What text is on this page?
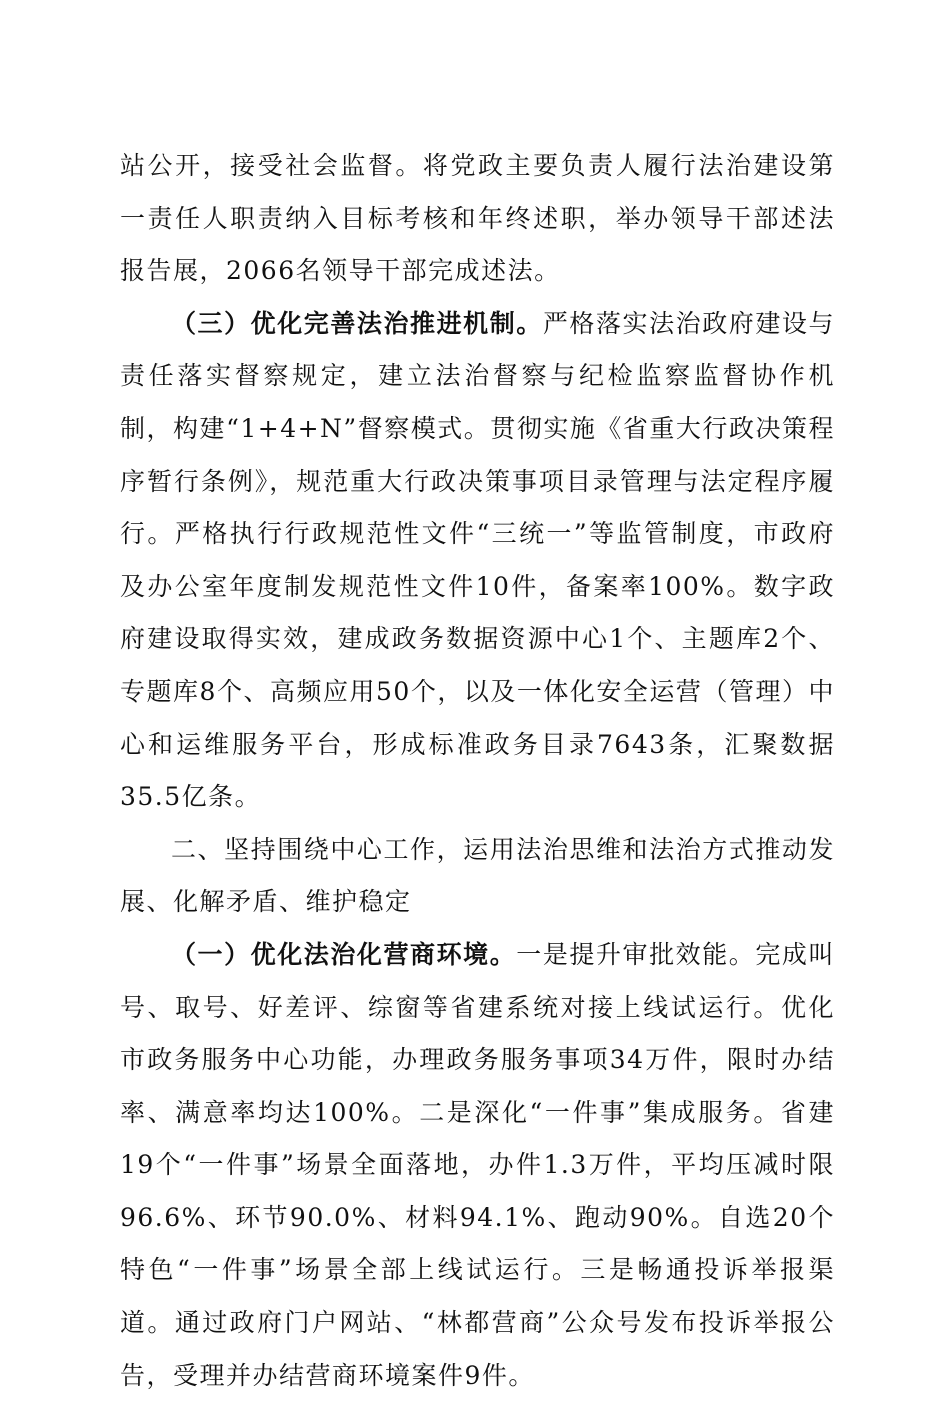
站公开，接受社会监督。将党政主要负责人履行法治建设第一责任人职责纳入目标考核和年终述职，举办领导干部述法报告展，2066名领导干部完成述法。

（三）优化完善法治推进机制。严格落实法治政府建设与责任落实督察规定，建立法治督察与纪检监察监督协作机制，构建“1+4+N”督察模式。贯彻实施《省重大行政决策程序暂行条例》，规范重大行政决策事项目录管理与法定程序履行。严格执行行政规范性文件“三统一”等监管制度，市政府及办公室年度制发规范性文件10件，备案率100%。数字政府建设取得实效，建成政务数据资源中心1个、主题库2个、专题库8个、高频应用50个，以及一体化安全运营（管理）中心和运维服务平台，形成标准政务目录7643条，汇聚数据35.5亿条。

二、坚持围绕中心工作，运用法治思维和法治方式推动发展、化解矛盾、维护稳定

（一）优化法治化营商环境。一是提升审批效能。完成叫号、取号、好差评、综窗等省建系统对接上线试运行。优化市政务服务中心功能，办理政务服务事项34万件，限时办结率、满意率均达100%。二是深化“一件事”集成服务。省建19个“一件事”场景全面落地，办件1.3万件，平均压减时限96.6%、环节90.0%、材料94.1%、跑动90%。自选20个特色“一件事”场景全部上线试运行。三是畅通投诉举报渠道。通过政府门户网站、“林都营商”公众号发布投诉举报公告，受理并办结营商环境案件9件。
